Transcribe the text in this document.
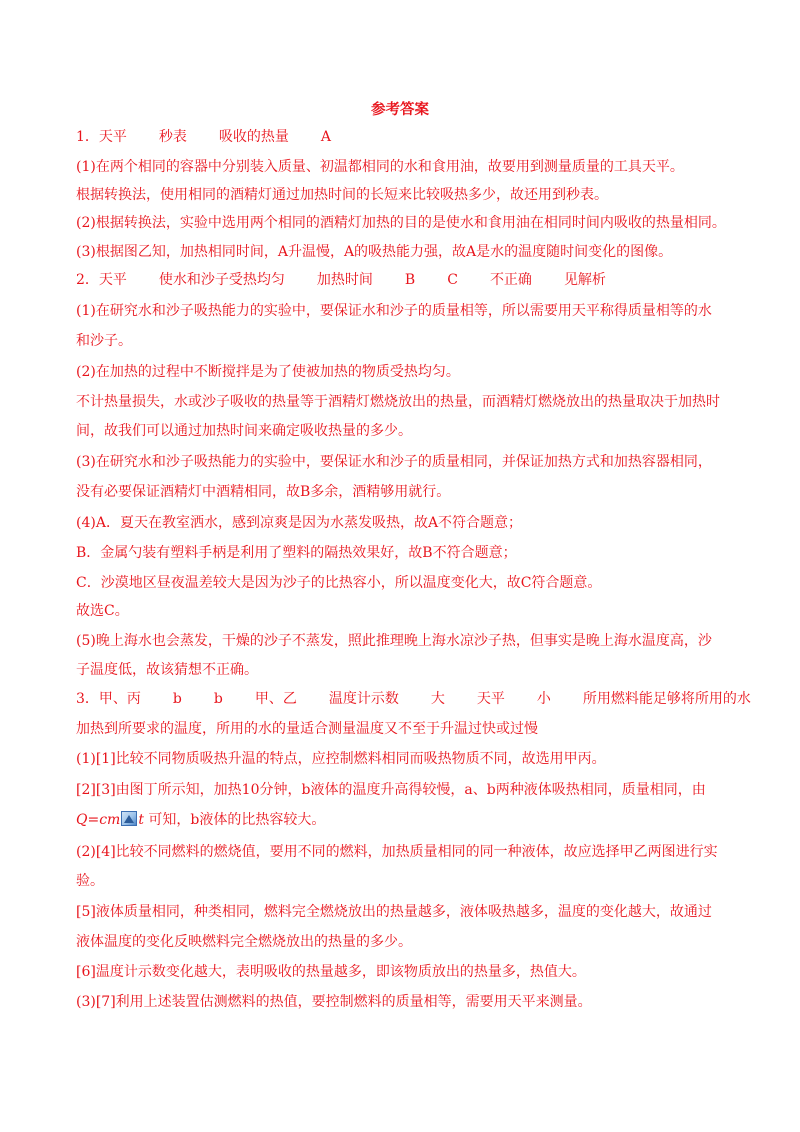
参考答案
1．天平 秒表 吸收的热量 A
(1)在两个相同的容器中分别装入质量、初温都相同的水和食用油，故要用到测量质量的工具天平。
根据转换法，使用相同的酒精灯通过加热时间的长短来比较吸热多少，故还用到秒表。
(2)根据转换法，实验中选用两个相同的酒精灯加热的目的是使水和食用油在相同时间内吸收的热量相同。
(3)根据图乙知，加热相同时间，A升温慢，A的吸热能力强，故A是水的温度随时间变化的图像。
2．天平 使水和沙子受热均匀 加热时间 B C 不正确 见解析
(1)在研究水和沙子吸热能力的实验中，要保证水和沙子的质量相等，所以需要用天平称得质量相等的水
和沙子。
(2)在加热的过程中不断搅拌是为了使被加热的物质受热均匀。
不计热量损失，水或沙子吸收的热量等于酒精灯燃烧放出的热量，而酒精灯燃烧放出的热量取决于加热时
间，故我们可以通过加热时间来确定吸收热量的多少。
(3)在研究水和沙子吸热能力的实验中，要保证水和沙子的质量相同，并保证加热方式和加热容器相同，
没有必要保证酒精灯中酒精相同，故B多余，酒精够用就行。
(4)A．夏天在教室洒水，感到凉爽是因为水蒸发吸热，故A不符合题意；
B．金属勺装有塑料手柄是利用了塑料的隔热效果好，故B不符合题意；
C．沙漠地区昼夜温差较大是因为沙子的比热容小，所以温度变化大，故C符合题意。
故选C。
(5)晚上海水也会蒸发，干燥的沙子不蒸发，照此推理晚上海水凉沙子热，但事实是晚上海水温度高，沙
子温度低，故该猜想不正确。
3．甲、丙 b b 甲、乙 温度计示数 大 天平 小 所用燃料能足够将所用的水
加热到所要求的温度，所用的水的量适合测量温度又不至于升温过快或过慢
(1)[1]比较不同物质吸热升温的特点，应控制燃料相同而吸热物质不同，故选用甲丙。
[2][3]由图丁所示知，加热10分钟，b液体的温度升高得较慢，a、b两种液体吸热相同，质量相同，由
Q=cm t 可知，b液体的比热容较大。
(2)[4]比较不同燃料的燃烧值，要用不同的燃料，加热质量相同的同一种液体，故应选择甲乙两图进行实
验。
[5]液体质量相同，种类相同，燃料完全燃烧放出的热量越多，液体吸热越多，温度的变化越大，故通过
液体温度的变化反映燃料完全燃烧放出的热量的多少。
[6]温度计示数变化越大，表明吸收的热量越多，即该物质放出的热量多，热值大。
(3)[7]利用上述装置估测燃料的热值，要控制燃料的质量相等，需要用天平来测量。
